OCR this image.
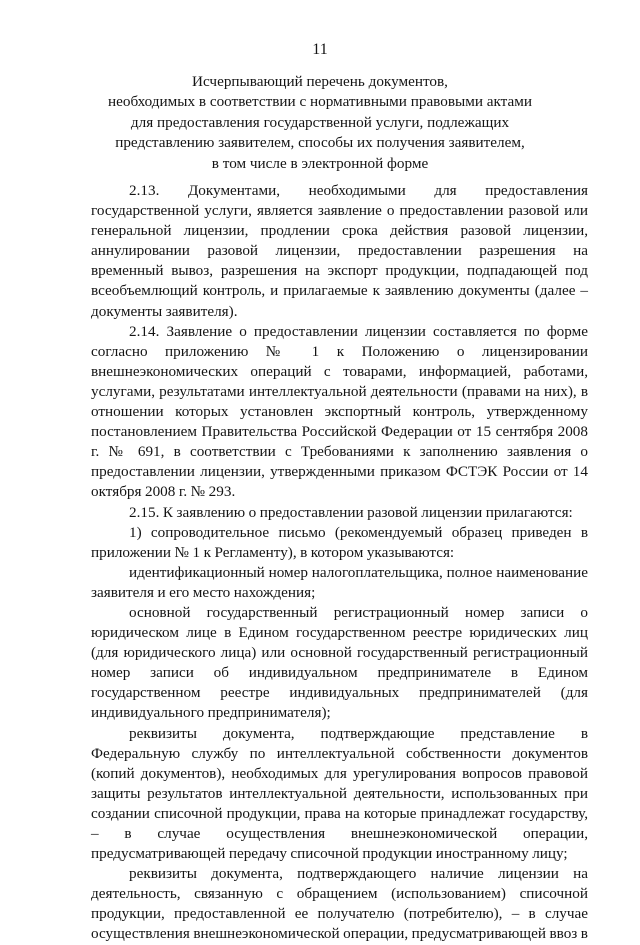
11
Исчерпывающий перечень документов,
необходимых в соответствии с нормативными правовыми актами
для предоставления государственной услуги, подлежащих
представлению заявителем, способы их получения заявителем,
в том числе в электронной форме

2.13. Документами, необходимыми для предоставления государственной услуги, является заявление о предоставлении разовой или генеральной лицензии, продлении срока действия разовой лицензии, аннулировании разовой лицензии, предоставлении разрешения на временный вывоз, разрешения на экспорт продукции, подпадающей под всеобъемлющий контроль, и прилагаемые к заявлению документы (далее – документы заявителя).

2.14. Заявление о предоставлении лицензии составляется по форме согласно приложению № 1 к Положению о лицензировании внешнеэкономических операций с товарами, информацией, работами, услугами, результатами интеллектуальной деятельности (правами на них), в отношении которых установлен экспортный контроль, утвержденному постановлением Правительства Российской Федерации от 15 сентября 2008 г. № 691, в соответствии с Требованиями к заполнению заявления о предоставлении лицензии, утвержденными приказом ФСТЭК России от 14 октября 2008 г. № 293.

2.15. К заявлению о предоставлении разовой лицензии прилагаются:

1) сопроводительное письмо (рекомендуемый образец приведен в приложении № 1 к Регламенту), в котором указываются:

идентификационный номер налогоплательщика, полное наименование заявителя и его место нахождения;

основной государственный регистрационный номер записи о юридическом лице в Едином государственном реестре юридических лиц (для юридического лица) или основной государственный регистрационный номер записи об индивидуальном предпринимателе в Едином государственном реестре индивидуальных предпринимателей (для индивидуального предпринимателя);

реквизиты документа, подтверждающие представление в Федеральную службу по интеллектуальной собственности документов (копий документов), необходимых для урегулирования вопросов правовой защиты результатов интеллектуальной деятельности, использованных при создании списочной продукции, права на которые принадлежат государству, – в случае осуществления внешнеэкономической операции, предусматривающей передачу списочной продукции иностранному лицу;

реквизиты документа, подтверждающего наличие лицензии на деятельность, связанную с обращением (использованием) списочной продукции, предоставленной ее получателю (потребителю), – в случае осуществления внешнеэкономической операции, предусматривающей ввоз в
